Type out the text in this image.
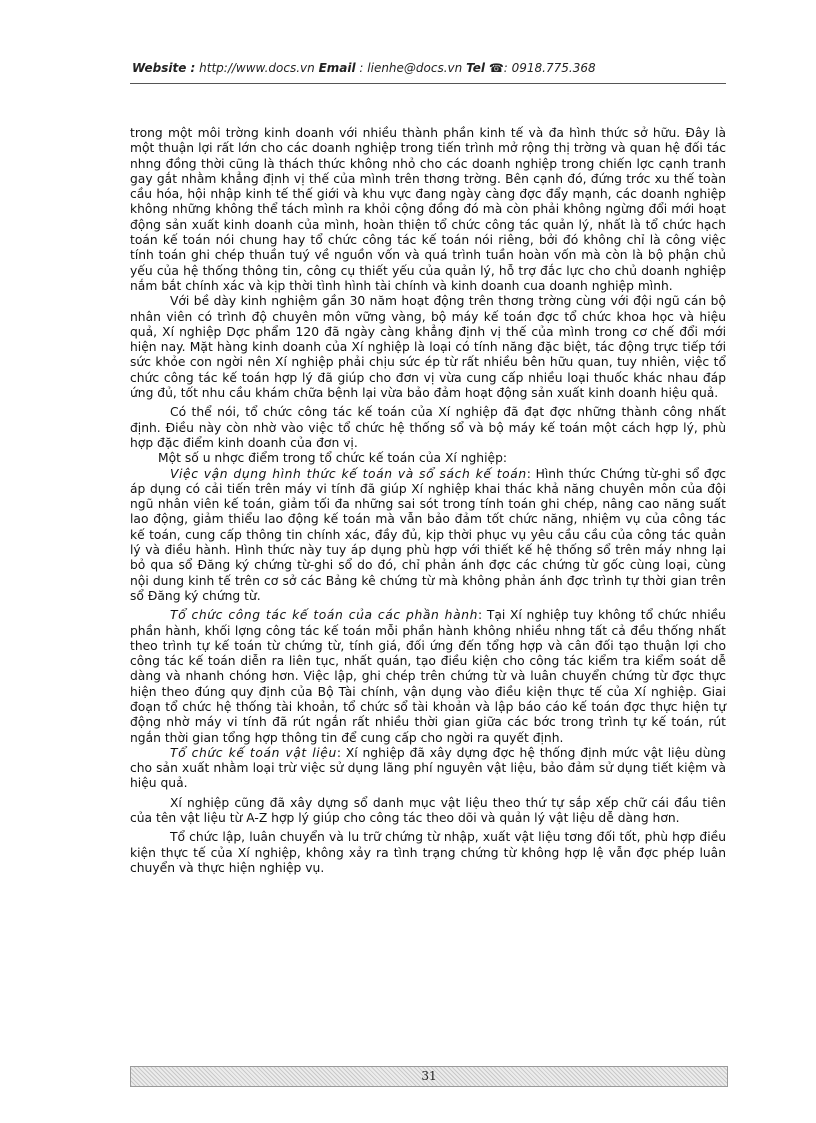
Website : http://www.docs.vn Email : lienhe@docs.vn Tel ☎: 0918.775.368

trong một môi trờng kinh doanh với nhiều thành phần kinh tế và đa hình thức sở hữu. Đây là một thuận lợi rất lớn cho các doanh nghiệp trong tiến trình mở rộng thị trờng và quan hệ đối tác nhng đồng thời cũng là thách thức không nhỏ cho các doanh nghiệp trong chiến lợc cạnh tranh gay gắt nhằm khẳng định vị thế của mình trên thơng trờng. Bên cạnh đó, đứng trớc xu thế toàn cầu hóa, hội nhập kinh tế thế giới và khu vực đang ngày càng đợc đẩy mạnh, các doanh nghiệp không những không thể tách mình ra khỏi cộng đồng đó mà còn phải không ngừng đổi mới hoạt động sản xuất kinh doanh của mình, hoàn thiện tổ chức công tác quản lý, nhất là tổ chức hạch toán kế toán nói chung hay tổ chức công tác kế toán nói riêng, bởi đó không chỉ là công việc tính toán ghi chép thuần tuý về nguồn vốn và quá trình tuần hoàn vốn mà còn là bộ phận chủ yếu của hệ thống thông tin, công cụ thiết yếu của quản lý, hỗ trợ đắc lực cho chủ doanh nghiệp nắm bắt chính xác và kịp thời tình hình tài chính và kinh doanh cua doanh nghiệp mình.

Với bề dày kinh nghiệm gần 30 năm hoạt động trên thơng trờng cùng với đội ngũ cán bộ nhân viên có trình độ chuyên môn vững vàng, bộ máy kế toán đợc tổ chức khoa học và hiệu quả, Xí nghiệp Dợc phẩm 120 đã ngày càng khẳng định vị thế của mình trong cơ chế đổi mới hiện nay. Mặt hàng kinh doanh của Xí nghiệp là loại có tính năng đặc biệt, tác động trực tiếp tới sức khỏe con ngời nên Xí nghiệp phải chịu sức ép từ rất nhiều bên hữu quan, tuy nhiên, việc tổ chức công tác kế toán hợp lý đã giúp cho đơn vị vừa cung cấp nhiều loại thuốc khác nhau đáp ứng đủ, tốt nhu cầu khám chữa bệnh lại vừa bảo đảm hoạt động sản xuất kinh doanh hiệu quả.

Có thể nói, tổ chức công tác kế toán của Xí nghiệp đã đạt đợc những thành công nhất định. Điều này còn nhờ vào việc tổ chức hệ thống sổ và bộ máy kế toán một cách hợp lý, phù hợp đặc điểm kinh doanh của đơn vị.

Một số u nhợc điểm trong tổ chức kế toán của Xí nghiệp:

Việc vận dụng hình thức kế toán và sổ sách kế toán: Hình thức Chứng từ-ghi sổ đợc áp dụng có cải tiến trên máy vi tính đã giúp Xí nghiệp khai thác khả năng chuyên môn của đội ngũ nhân viên kế toán, giảm tối đa những sai sót trong tính toán ghi chép, nâng cao năng suất lao động, giảm thiểu lao động kế toán mà vẫn bảo đảm tốt chức năng, nhiệm vụ của công tác kế toán, cung cấp thông tin chính xác, đầy đủ, kịp thời phục vụ yêu cầu cầu của công tác quản lý và điều hành. Hình thức này tuy áp dụng phù hợp với thiết kế hệ thống sổ trên máy nhng lại bỏ qua sổ Đăng ký chứng từ-ghi sổ do đó, chỉ phản ánh đợc các chứng từ gốc cùng loại, cùng nội dung kinh tế trên cơ sở các Bảng kê chứng từ mà không phản ánh đợc trình tự thời gian trên sổ Đăng ký chứng từ.

Tổ chức công tác kế toán của các phần hành: Tại Xí nghiệp tuy không tổ chức nhiều phần hành, khối lợng công tác kế toán mỗi phần hành không nhiều nhng tất cả đều thống nhất theo trình tự kế toán từ chứng từ, tính giá, đối ứng đến tổng hợp và cân đối tạo thuận lợi cho công tác kế toán diễn ra liên tục, nhất quán, tạo điều kiện cho công tác kiểm tra kiểm soát dễ dàng và nhanh chóng hơn. Việc lập, ghi chép trên chứng từ và luân chuyển chứng từ đợc thực hiện theo đúng quy định của Bộ Tài chính, vận dụng vào điều kiện thực tế của Xí nghiệp. Giai đoạn tổ chức hệ thống tài khoản, tổ chức sổ tài khoản và lập báo cáo kế toán đợc thực hiện tự động nhờ máy vi tính đã rút ngắn rất nhiều thời gian giữa các bớc trong trình tự kế toán, rút ngắn thời gian tổng hợp thông tin để cung cấp cho ngời ra quyết định.

Tổ chức kế toán vật liệu: Xí nghiệp đã xây dựng đợc hệ thống định mức vật liệu dùng cho sản xuất nhằm loại trừ việc sử dụng lãng phí nguyên vật liệu, bảo đảm sử dụng tiết kiệm và hiệu quả.

Xí nghiệp cũng đã xây dựng sổ danh mục vật liệu theo thứ tự sắp xếp chữ cái đầu tiên của tên vật liệu từ A-Z hợp lý giúp cho công tác theo dõi và quản lý vật liệu dễ dàng hơn.

Tổ chức lập, luân chuyển và lu trữ chứng từ nhập, xuất vật liệu tơng đối tốt, phù hợp điều kiện thực tế của Xí nghiệp, không xảy ra tình trạng chứng từ không hợp lệ vẫn đợc phép luân chuyển và thực hiện nghiệp vụ.

31
